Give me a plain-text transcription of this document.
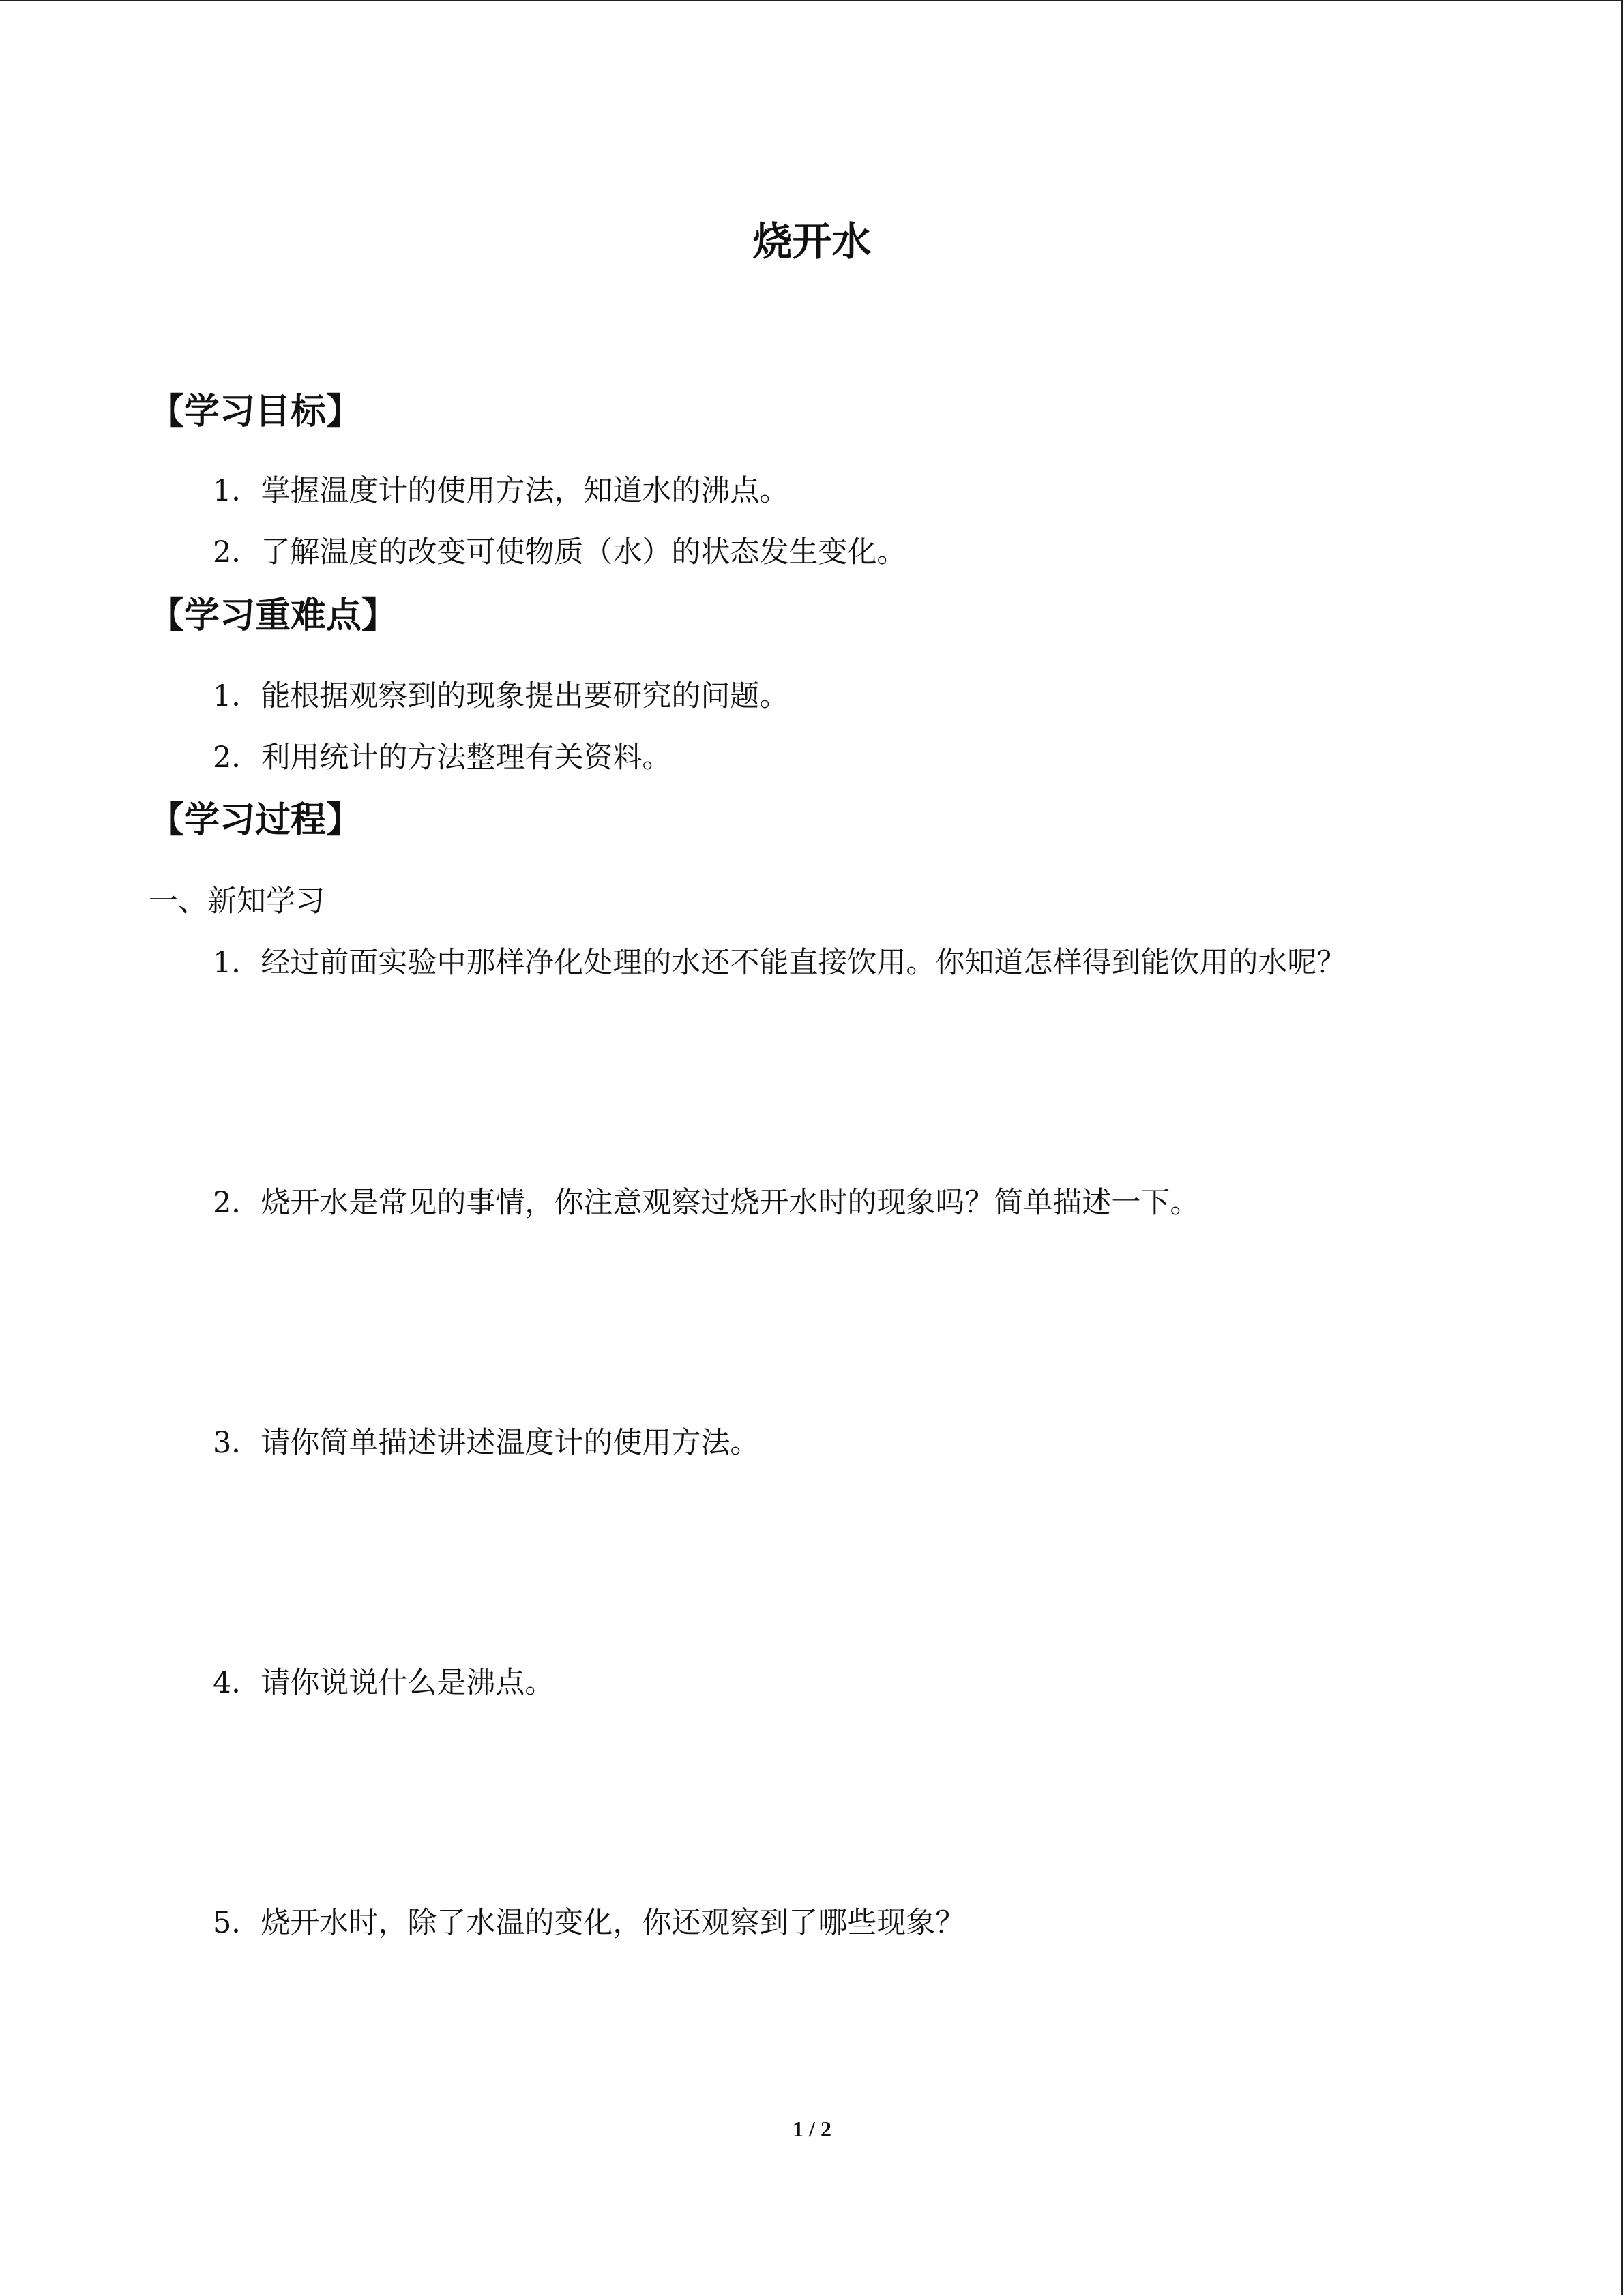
烧开水
【学习目标】
1．掌握温度计的使用方法，知道水的沸点。
2．了解温度的改变可使物质（水）的状态发生变化。
【学习重难点】
1．能根据观察到的现象提出要研究的问题。
2．利用统计的方法整理有关资料。
【学习过程】
一、新知学习
1．经过前面实验中那样净化处理的水还不能直接饮用。你知道怎样得到能饮用的水呢？
2．烧开水是常见的事情，你注意观察过烧开水时的现象吗？简单描述一下。
3．请你简单描述讲述温度计的使用方法。
4．请你说说什么是沸点。
5．烧开水时，除了水温的变化，你还观察到了哪些现象？
1 / 2
